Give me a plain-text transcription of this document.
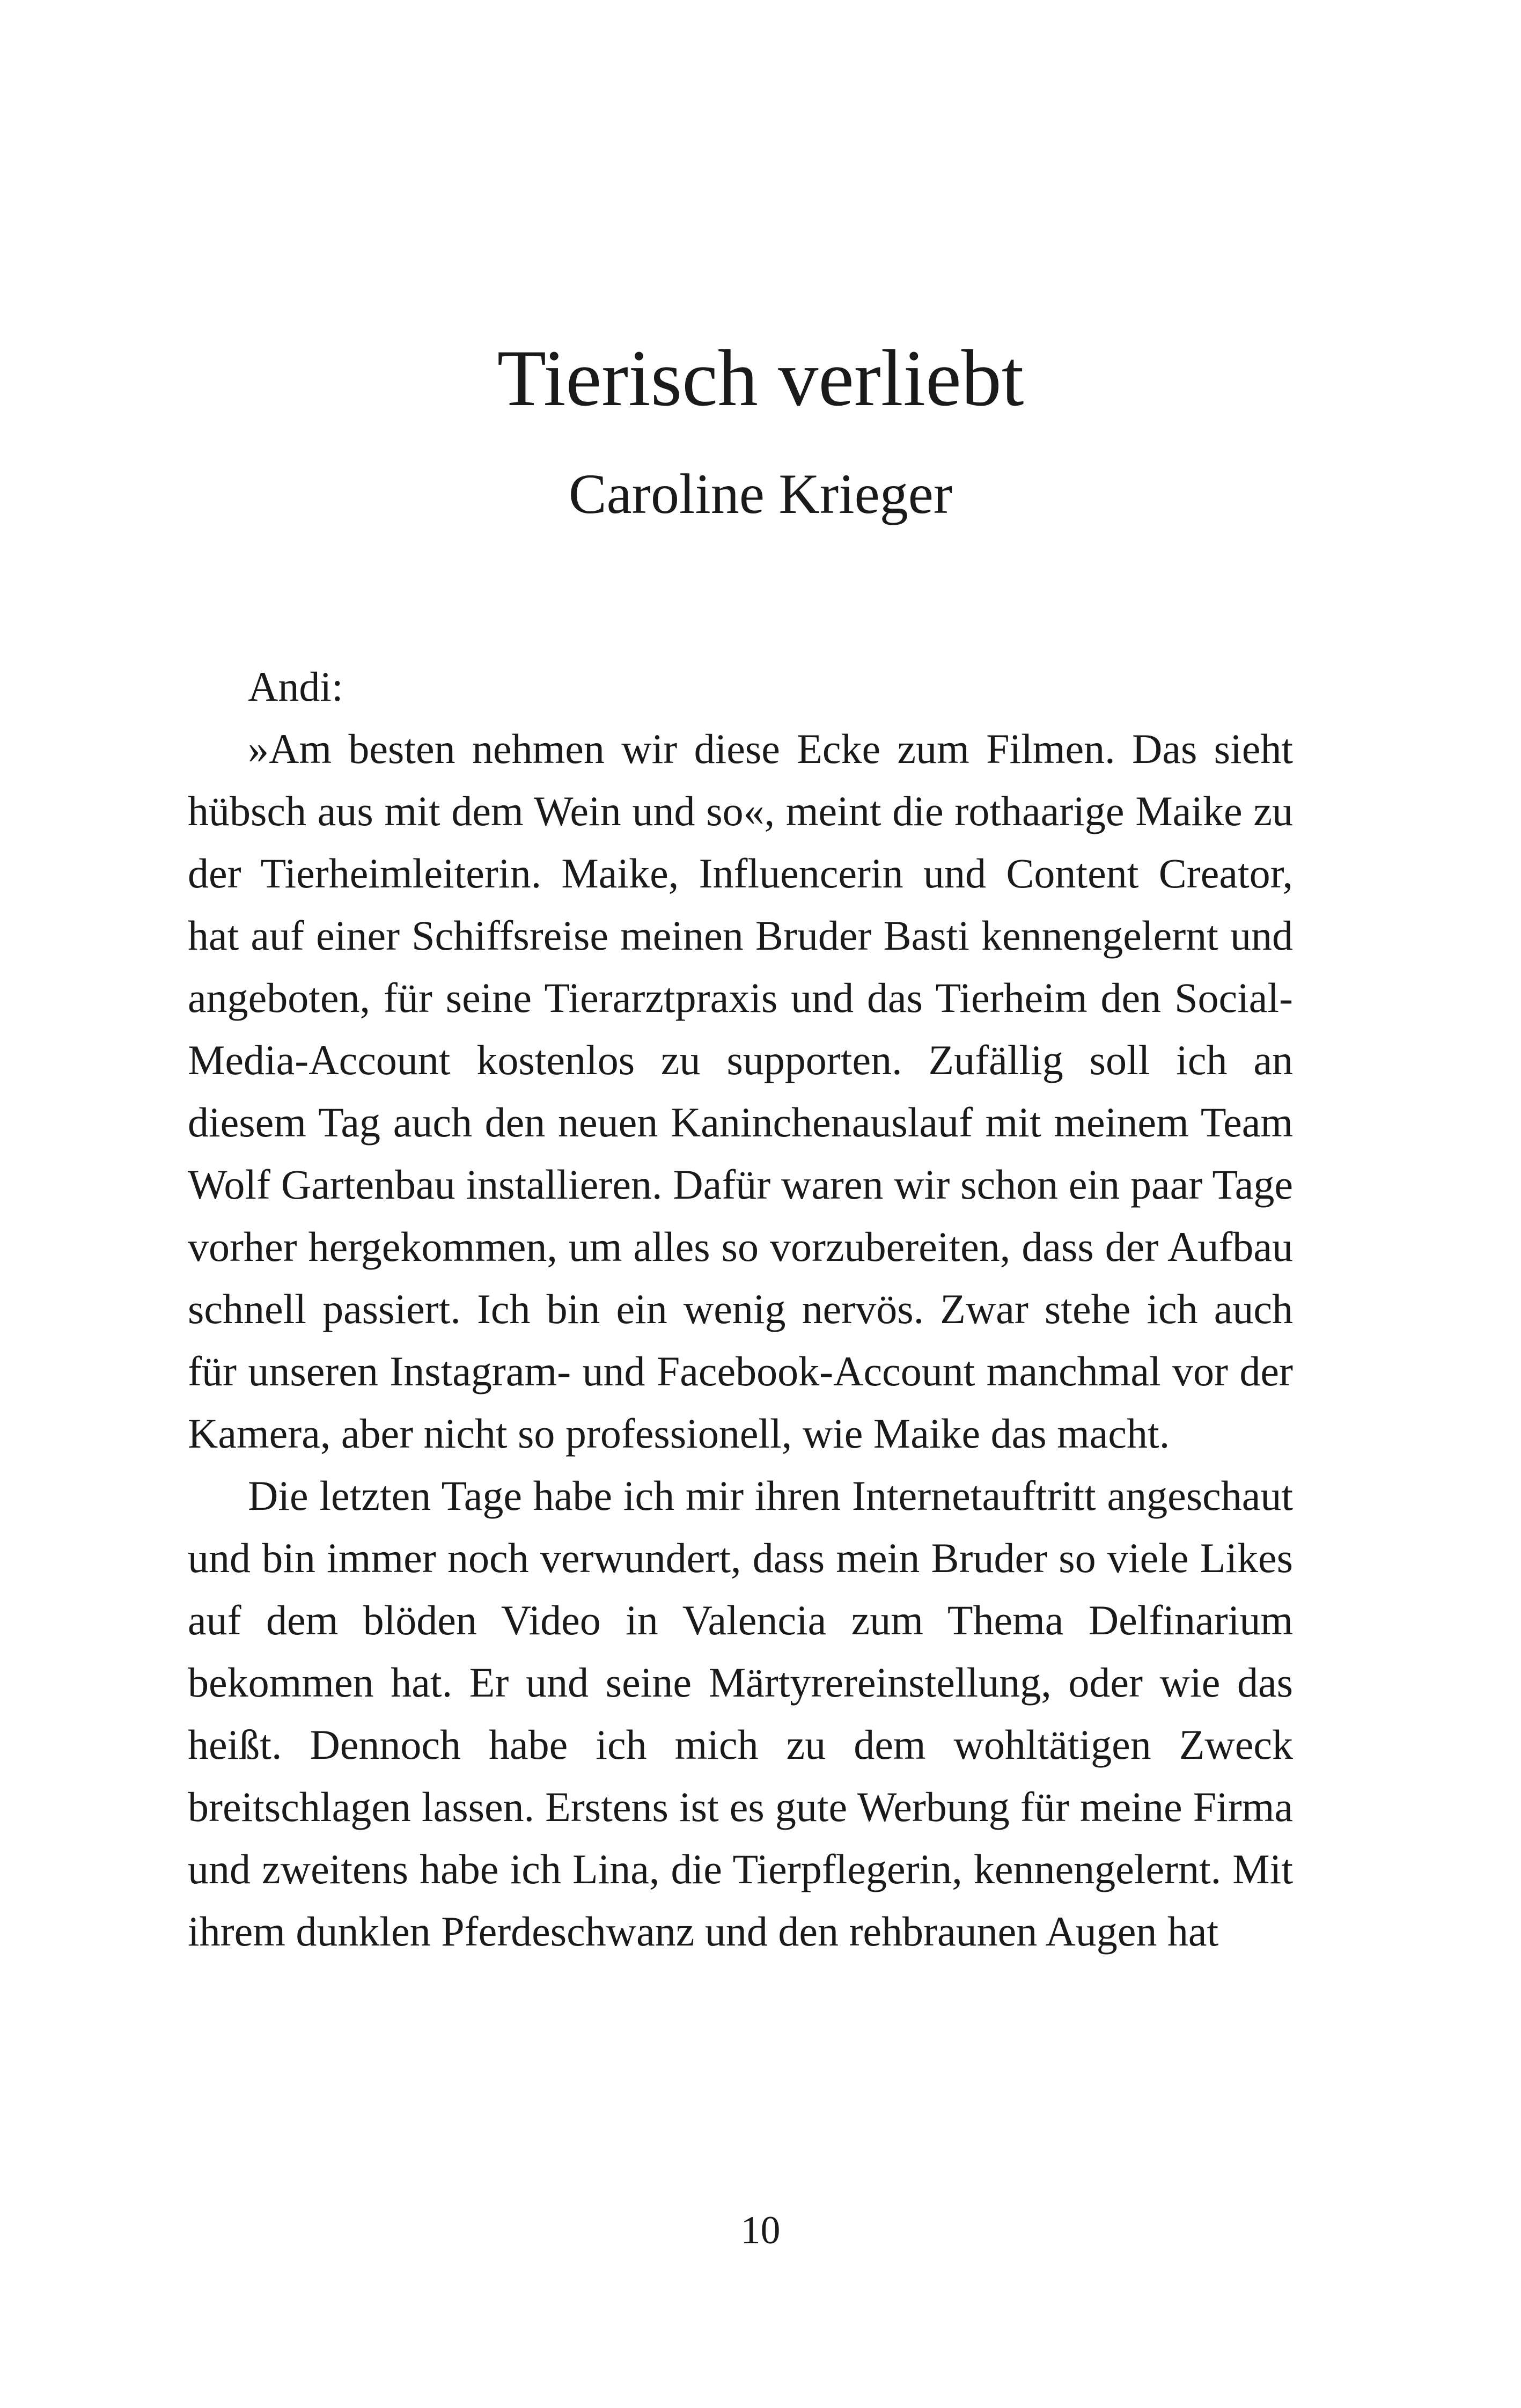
Tierisch verliebt
Caroline Krieger

Andi:

»Am besten nehmen wir diese Ecke zum Filmen. Das sieht hübsch aus mit dem Wein und so«, meint die rothaarige Maike zu der Tierheimleiterin. Maike, Influencerin und Content Creator, hat auf einer Schiffsreise meinen Bruder Basti kennengelernt und angeboten, für seine Tierarztpraxis und das Tierheim den Social-Media-Account kostenlos zu supporten. Zufällig soll ich an diesem Tag auch den neuen Kaninchenauslauf mit meinem Team Wolf Gartenbau installieren. Dafür waren wir schon ein paar Tage vorher hergekommen, um alles so vorzubereiten, dass der Aufbau schnell passiert. Ich bin ein wenig nervös. Zwar stehe ich auch für unseren Instagram- und Facebook-Account manchmal vor der Kamera, aber nicht so professionell, wie Maike das macht.

Die letzten Tage habe ich mir ihren Internetauftritt angeschaut und bin immer noch verwundert, dass mein Bruder so viele Likes auf dem blöden Video in Valencia zum Thema Delfinarium bekommen hat. Er und seine Märtyrereinstellung, oder wie das heißt. Dennoch habe ich mich zu dem wohltätigen Zweck breitschlagen lassen. Erstens ist es gute Werbung für meine Firma und zweitens habe ich Lina, die Tierpflegerin, kennengelernt. Mit ihrem dunklen Pferdeschwanz und den rehbraunen Augen hat

10
